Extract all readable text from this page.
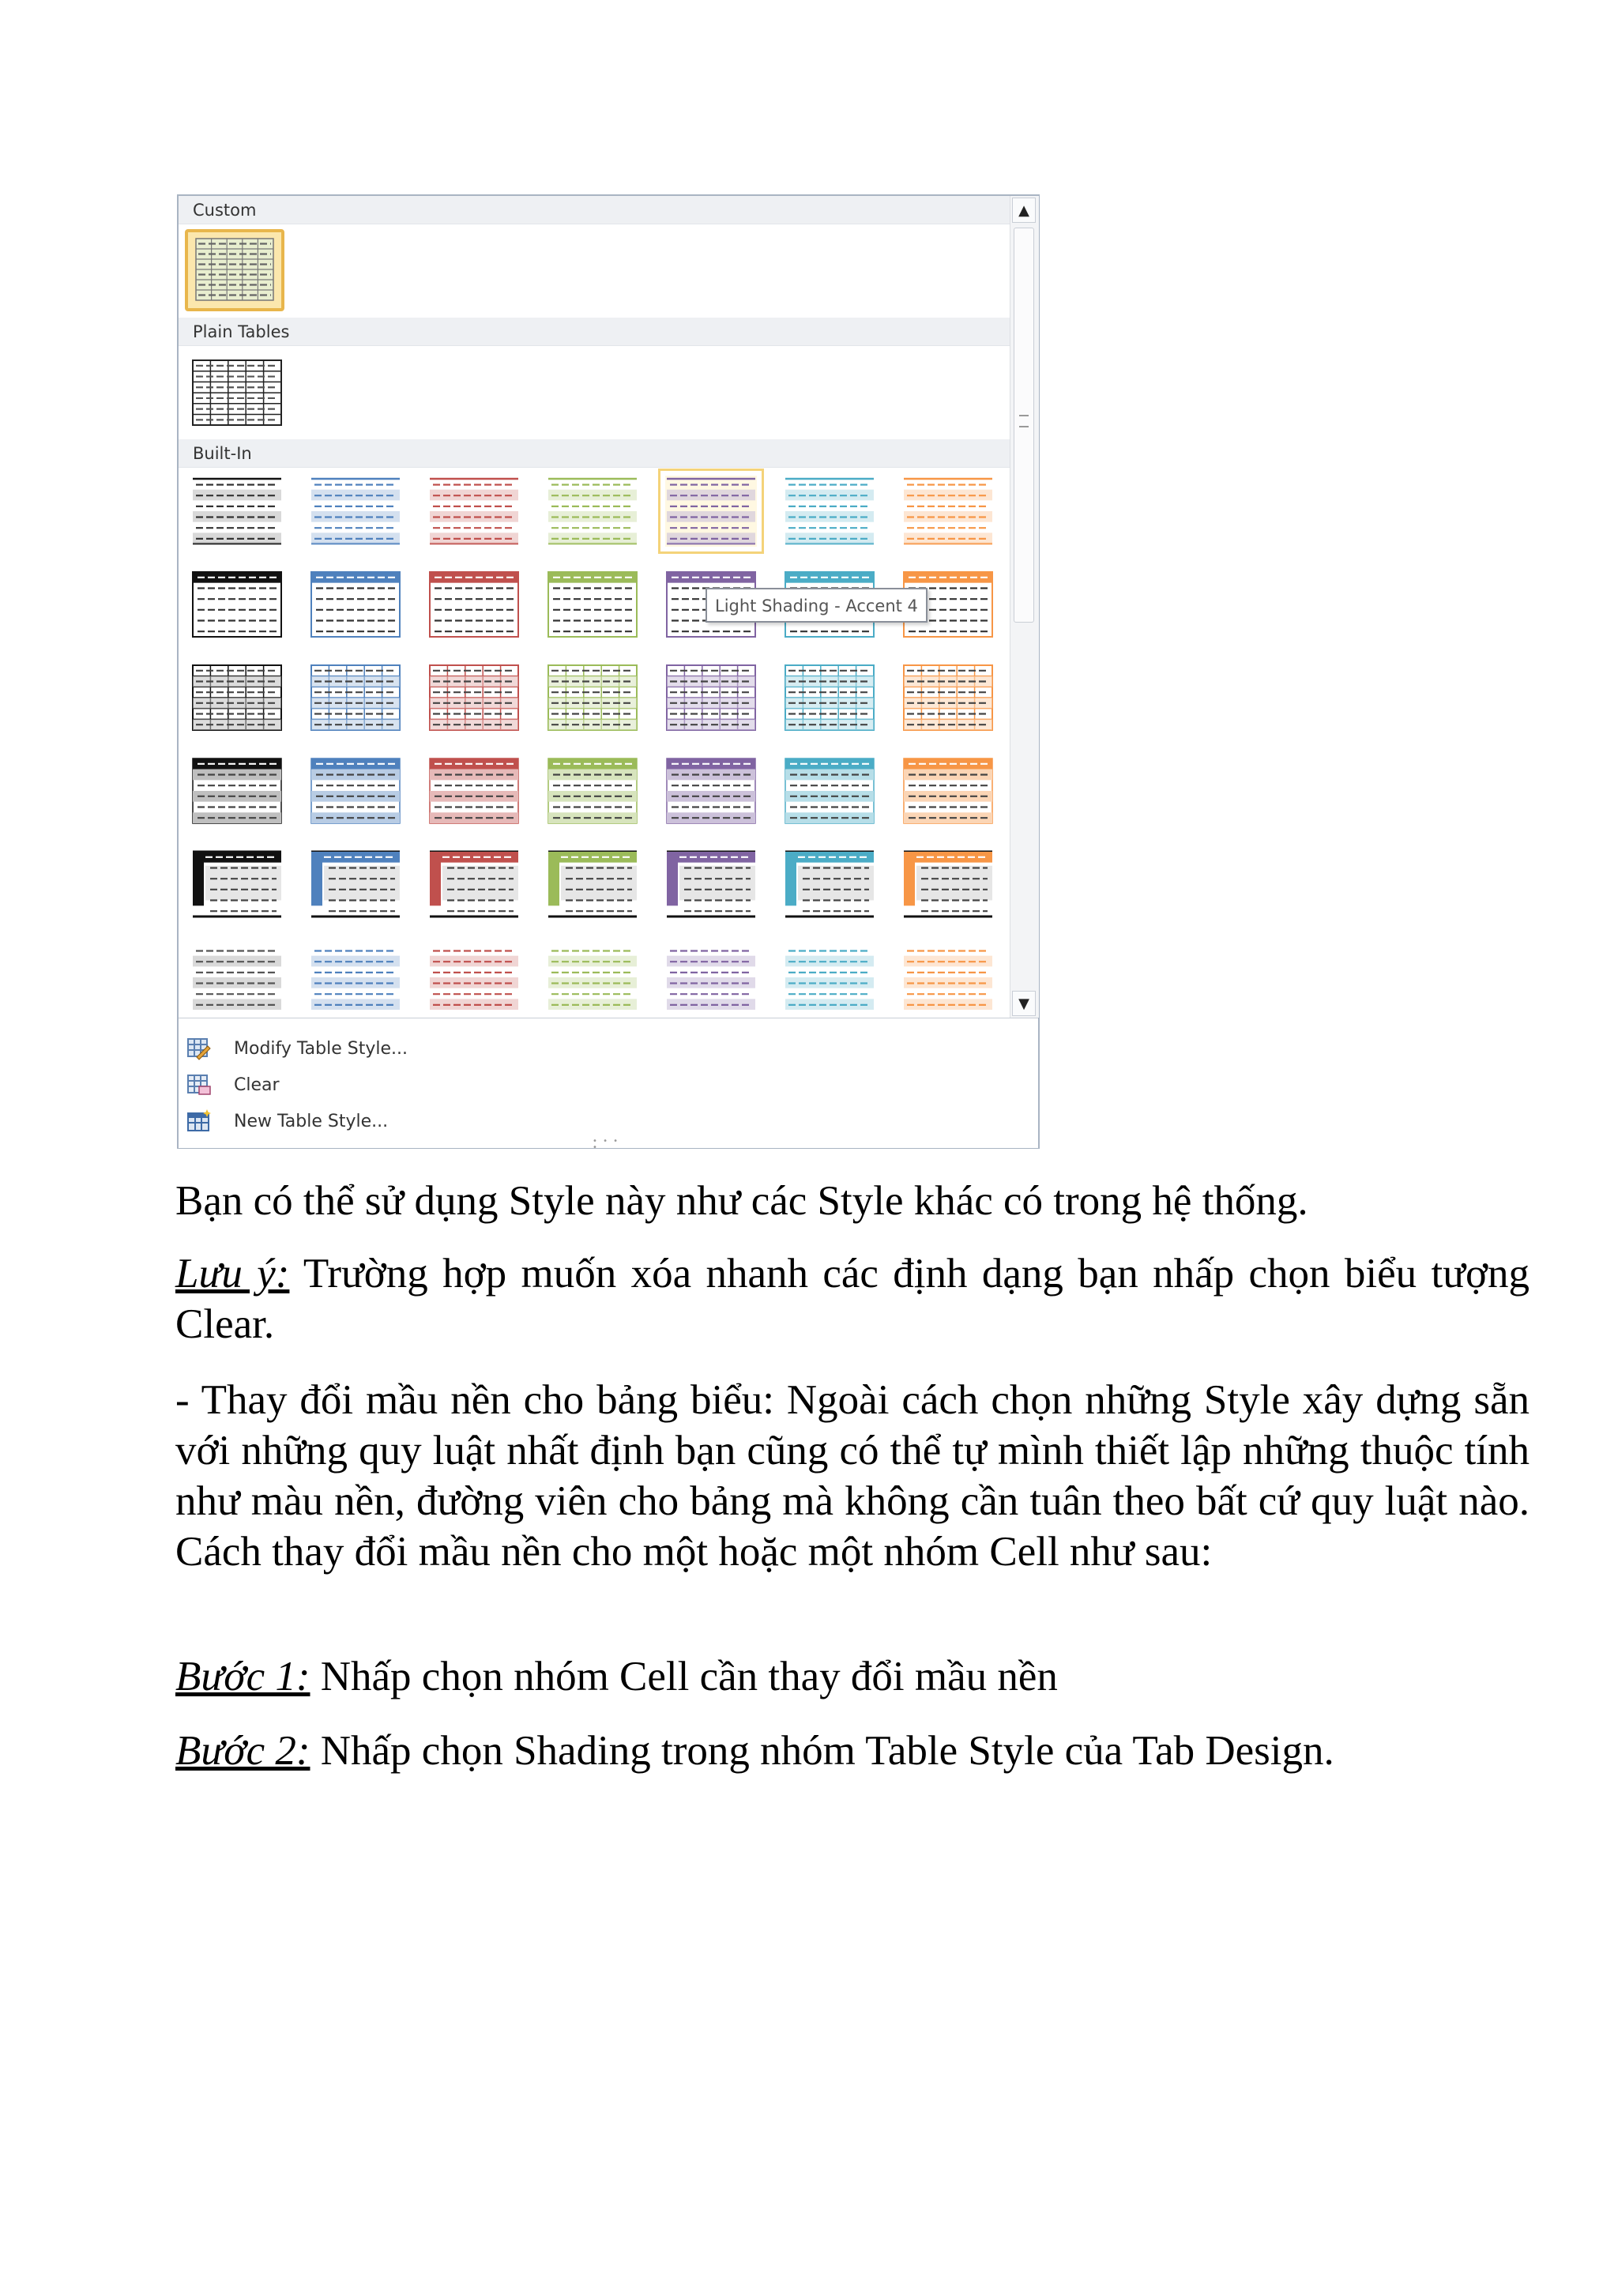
Custom
Plain Tables
Built-In
Light Shading - Accent 4
▲
▼
Modify Table Style...
Clear
New Table Style...
• • • •
Bạn có thể sử dụng Style này như các Style khác có trong hệ thống.
Lưu ý: Trường hợp muốn xóa nhanh các định dạng bạn nhấp chọn biểu tượng Clear.
- Thay đổi mầu nền cho bảng biểu: Ngoài cách chọn những Style xây dựng sẵn với những quy luật nhất định bạn cũng có thể tự mình thiết lập những thuộc tính như màu nền, đường viên cho bảng mà không cần tuân theo bất cứ quy luật nào. Cách thay đổi mầu nền cho một hoặc một nhóm Cell như sau:
Bước 1: Nhấp chọn nhóm Cell cần thay đổi mầu nền
Bước 2: Nhấp chọn Shading trong nhóm Table Style của Tab Design.
